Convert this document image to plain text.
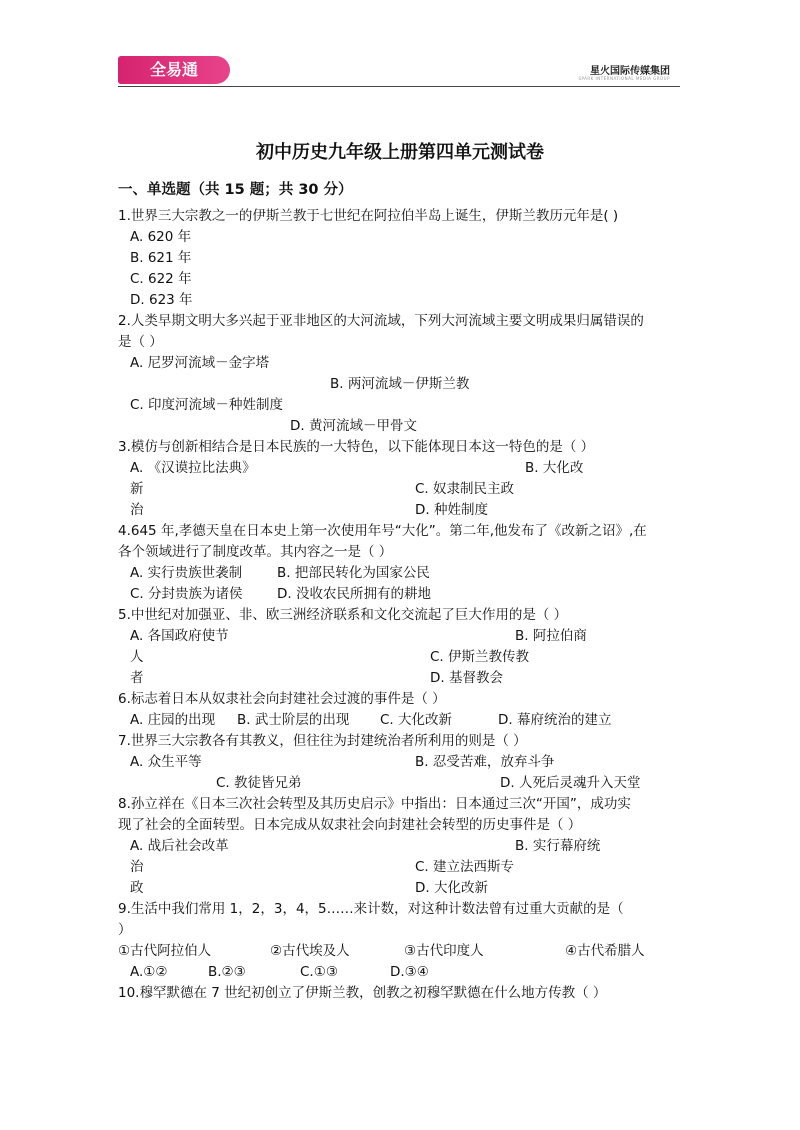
全易通	星火国际传媒集团
SPARK INTERNATIONAL MEDIA GROUP
初中历史九年级上册第四单元测试卷
一、单选题（共 15 题；共 30 分）
1.世界三大宗教之一的伊斯兰教于七世纪在阿拉伯半岛上诞生，伊斯兰教历元年是( )
A. 620 年
B. 621 年
C. 622 年
D. 623 年
2.人类早期文明大多兴起于亚非地区的大河流域，下列大河流域主要文明成果归属错误的
是（ ）
A. 尼罗河流域－金字塔
B. 两河流域－伊斯兰教
C. 印度河流域－种姓制度
D. 黄河流域－甲骨文
3.模仿与创新相结合是日本民族的一大特色，以下能体现日本这一特色的是（ ）
A. 《汉谟拉比法典》	B. 大化改
新	C. 奴隶制民主政
治	D. 种姓制度
4.645 年,孝德天皇在日本史上第一次使用年号“大化”。第二年,他发布了《改新之诏》,在
各个领域进行了制度改革。其内容之一是（ ）
A. 实行贵族世袭制	B. 把部民转化为国家公民
C. 分封贵族为诸侯	D. 没收农民所拥有的耕地
5.中世纪对加强亚、非、欧三洲经济联系和文化交流起了巨大作用的是（ ）
A. 各国政府使节	B. 阿拉伯商
人	C. 伊斯兰教传教
者	D. 基督教会
6.标志着日本从奴隶社会向封建社会过渡的事件是（ ）
A. 庄园的出现 B. 武士阶层的出现 C. 大化改新	D. 幕府统治的建立
7.世界三大宗教各有其教义，但往往为封建统治者所利用的则是（ ）
A. 众生平等	B. 忍受苦难，放弃斗争
C. 教徒皆兄弟	D. 人死后灵魂升入天堂
8.孙立祥在《日本三次社会转型及其历史启示》中指出：日本通过三次“开国”，成功实
现了社会的全面转型。日本完成从奴隶社会向封建社会转型的历史事件是（ ）
A. 战后社会改革	B. 实行幕府统
治	C. 建立法西斯专
政	D. 大化改新
9.生活中我们常用 1，2，3，4，5……来计数，对这种计数法曾有过重大贡献的是（
）
①古代阿拉伯人	②古代埃及人	③古代印度人	④古代希腊人
A.①②	B.②③	C.①③	D.③④
10.穆罕默德在 7 世纪初创立了伊斯兰教，创教之初穆罕默德在什么地方传教（ ）
